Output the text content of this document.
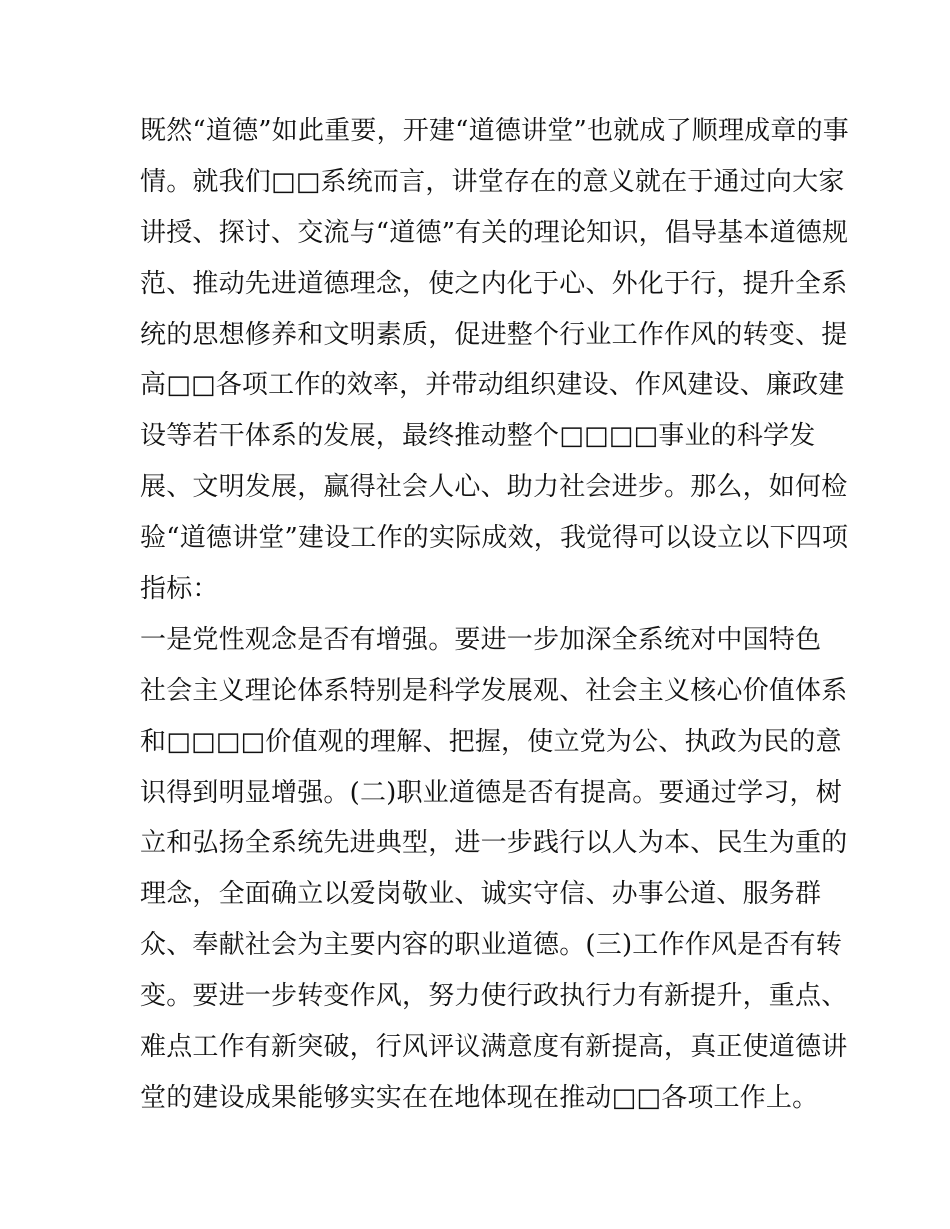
既然“道德”如此重要，开建“道德讲堂”也就成了顺理成章的事
情。就我们□□系统而言，讲堂存在的意义就在于通过向大家
讲授、探讨、交流与“道德”有关的理论知识，倡导基本道德规
范、推动先进道德理念，使之内化于心、外化于行，提升全系
统的思想修养和文明素质，促进整个行业工作作风的转变、提
高□□各项工作的效率，并带动组织建设、作风建设、廉政建
设等若干体系的发展，最终推动整个□□□□事业的科学发
展、文明发展，赢得社会人心、助力社会进步。那么，如何检
验“道德讲堂”建设工作的实际成效，我觉得可以设立以下四项
指标：
一是党性观念是否有增强。要进一步加深全系统对中国特色
社会主义理论体系特别是科学发展观、社会主义核心价值体系
和□□□□价值观的理解、把握，使立党为公、执政为民的意
识得到明显增强。(二)职业道德是否有提高。要通过学习，树
立和弘扬全系统先进典型，进一步践行以人为本、民生为重的
理念，全面确立以爱岗敬业、诚实守信、办事公道、服务群
众、奉献社会为主要内容的职业道德。(三)工作作风是否有转
变。要进一步转变作风，努力使行政执行力有新提升，重点、
难点工作有新突破，行风评议满意度有新提高，真正使道德讲
堂的建设成果能够实实在在地体现在推动□□各项工作上。
